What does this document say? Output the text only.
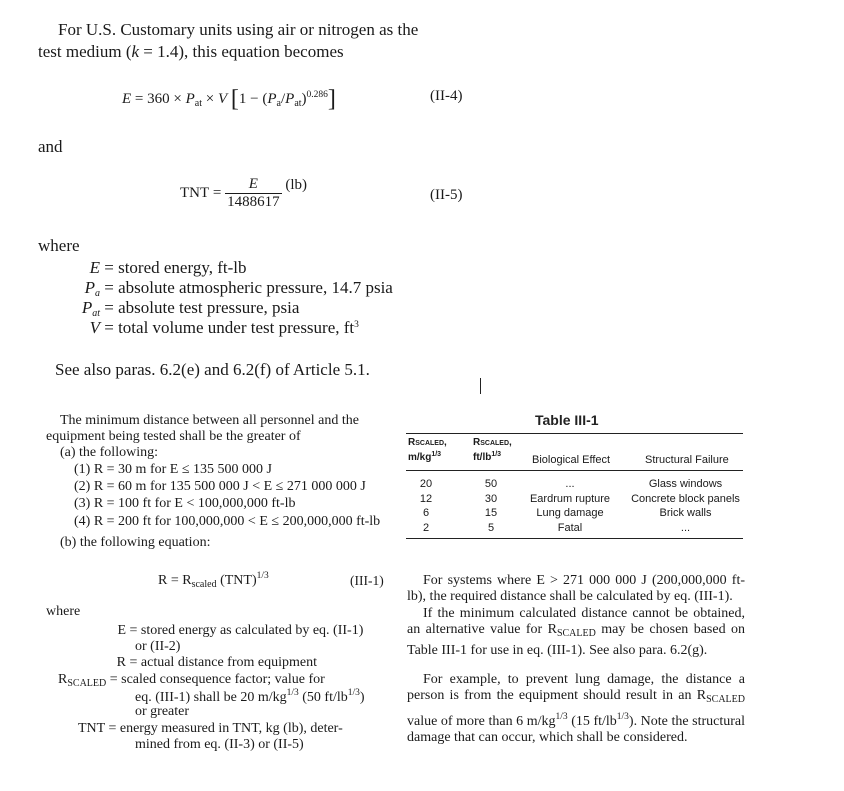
For U.S. Customary units using air or nitrogen as the
test medium (k = 1.4), this equation becomes
$E = 360 \times P_{at} \times V$ $[1 - (P_a/P_{at})^{0.286}]$	(II-4)
and
TNT = $\frac{E}{1488617} (lb)$
(II-5)
where
E = stored energy, ft-lb
$P_a$ = absolute atmospheric pressure, 14.7 psia
$P_{at}$ = absolute test pressure, psia
V = total volume under test pressure, $ft^3$
See also paras. 6.2(e) and 6.2(f) of Article 5.1.
The minimum distance between all personnel and the
equipment being tested shall be the greater of
(a) the following:
(1) R = 30 m for E ≤ 135 500 000 J
(2) R = 60 m for 135 500 000 J < E ≤ 271 000 000 J
(3) R = 100 ft for E < 100,000,000 ft-lb
(4) R = 200 ft for 100,000,000 < E ≤ 200,000,000 ft-lb
(b) the following equation:
$R = R_{scaled}$ (TNT)$^{1/3}$	(III-1)
where
E = stored energy as calculated by eq. (II-1)
or (II-2)
R = actual distance from equipment
$R_{SCALED}$ = scaled consequence factor; value for
eq. (III-1) shall be 20 $m/kg^{1/3}$ (50 $ft/lb^{1/3}$)
or greater
TNT = energy measured in TNT, kg (lb), deter-
mined from eq. (II-3) or (II-5)
Table III-1
RSCALED,
$m/kg^{1/3}$
RSCALED,
$ft/lb^{1/3}$	Biological Effect	Structural Failure
20	50	...	Glass windows
12	30	Eardrum rupture	Concrete block panels
6	15	Lung damage	Brick walls
2	5	Fatal	...
For systems where E > 271 000 000 J (200,000,000 ft-lb), the required distance shall be calculated by eq. (III-1).
If the minimum calculated distance cannot be obtained, an alternative value for $R_{SCALED}$ may be chosen based on Table III-1 for use in eq. (III-1). See also para. 6.2(g).
For example, to prevent lung damage, the distance a person is from the equipment should result in an $R_{SCALED}$ value of more than 6 $m/kg^{1/3}$ (15 $ft/lb^{1/3}$). Note the structural damage that can occur, which shall be considered.
